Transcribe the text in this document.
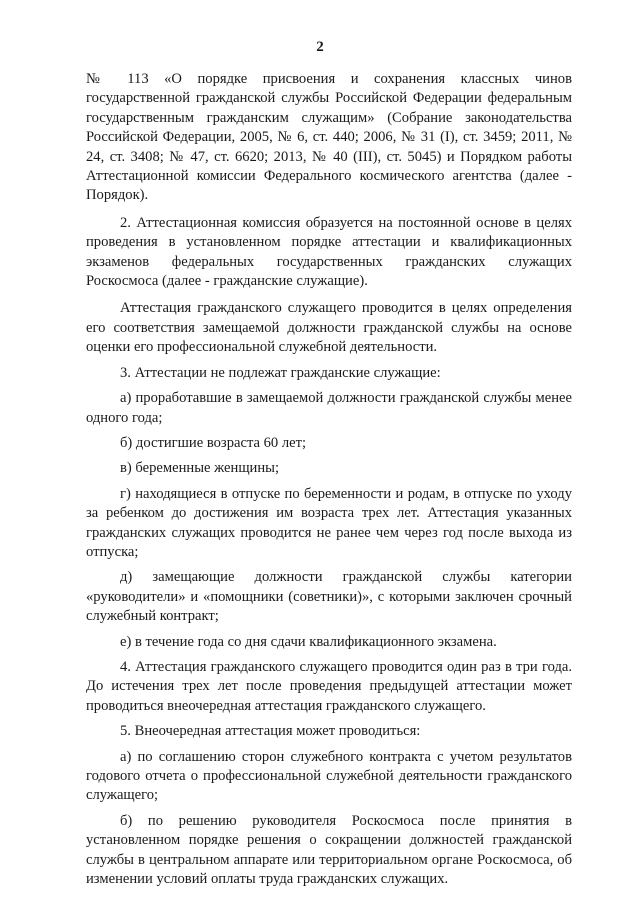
2

№ 113 «О порядке присвоения и сохранения классных чинов государственной гражданской службы Российской Федерации федеральным государственным гражданским служащим» (Собрание законодательства Российской Федерации, 2005, № 6, ст. 440; 2006, № 31 (I), ст. 3459; 2011, № 24, ст. 3408; № 47, ст. 6620; 2013, № 40 (III), ст. 5045) и Порядком работы Аттестационной комиссии Федерального космического агентства (далее - Порядок).

2. Аттестационная комиссия образуется на постоянной основе в целях проведения в установленном порядке аттестации и квалификационных экзаменов федеральных государственных гражданских служащих Роскосмоса (далее - гражданские служащие).

Аттестация гражданского служащего проводится в целях определения его соответствия замещаемой должности гражданской службы на основе оценки его профессиональной служебной деятельности.

3. Аттестации не подлежат гражданские служащие:

а) проработавшие в замещаемой должности гражданской службы менее одного года;

б) достигшие возраста 60 лет;

в) беременные женщины;

г) находящиеся в отпуске по беременности и родам, в отпуске по уходу за ребенком до достижения им возраста трех лет. Аттестация указанных гражданских служащих проводится не ранее чем через год после выхода из отпуска;

д) замещающие должности гражданской службы категории «руководители» и «помощники (советники)», с которыми заключен срочный служебный контракт;

е) в течение года со дня сдачи квалификационного экзамена.

4. Аттестация гражданского служащего проводится один раз в три года. До истечения трех лет после проведения предыдущей аттестации может проводиться внеочередная аттестация гражданского служащего.

5. Внеочередная аттестация может проводиться:

а) по соглашению сторон служебного контракта с учетом результатов годового отчета о профессиональной служебной деятельности гражданского служащего;

б) по решению руководителя Роскосмоса после принятия в установленном порядке решения о сокращении должностей гражданской службы в центральном аппарате или территориальном органе Роскосмоса, об изменении условий оплаты труда гражданских служащих.
